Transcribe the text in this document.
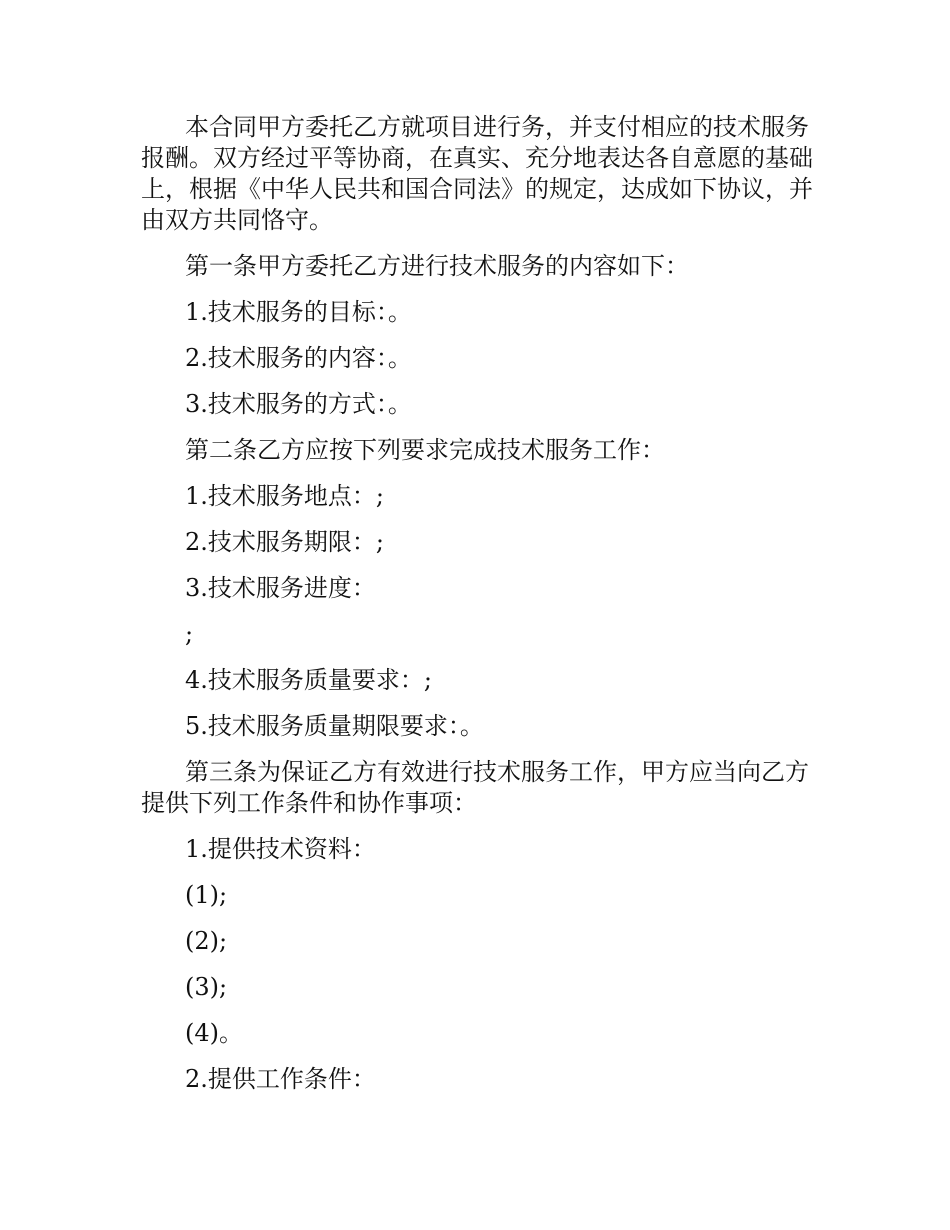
本合同甲方委托乙方就项目进行务，并支付相应的技术服务报酬。双方经过平等协商，在真实、充分地表达各自意愿的基础上，根据《中华人民共和国合同法》的规定，达成如下协议，并由双方共同恪守。

第一条甲方委托乙方进行技术服务的内容如下：

1.技术服务的目标：。

2.技术服务的内容：。

3.技术服务的方式：。

第二条乙方应按下列要求完成技术服务工作：

1.技术服务地点：;

2.技术服务期限：;

3.技术服务进度：

;

4.技术服务质量要求：;

5.技术服务质量期限要求：。

第三条为保证乙方有效进行技术服务工作，甲方应当向乙方提供下列工作条件和协作事项：

1.提供技术资料：

(1);

(2);

(3);

(4)。

2.提供工作条件：
